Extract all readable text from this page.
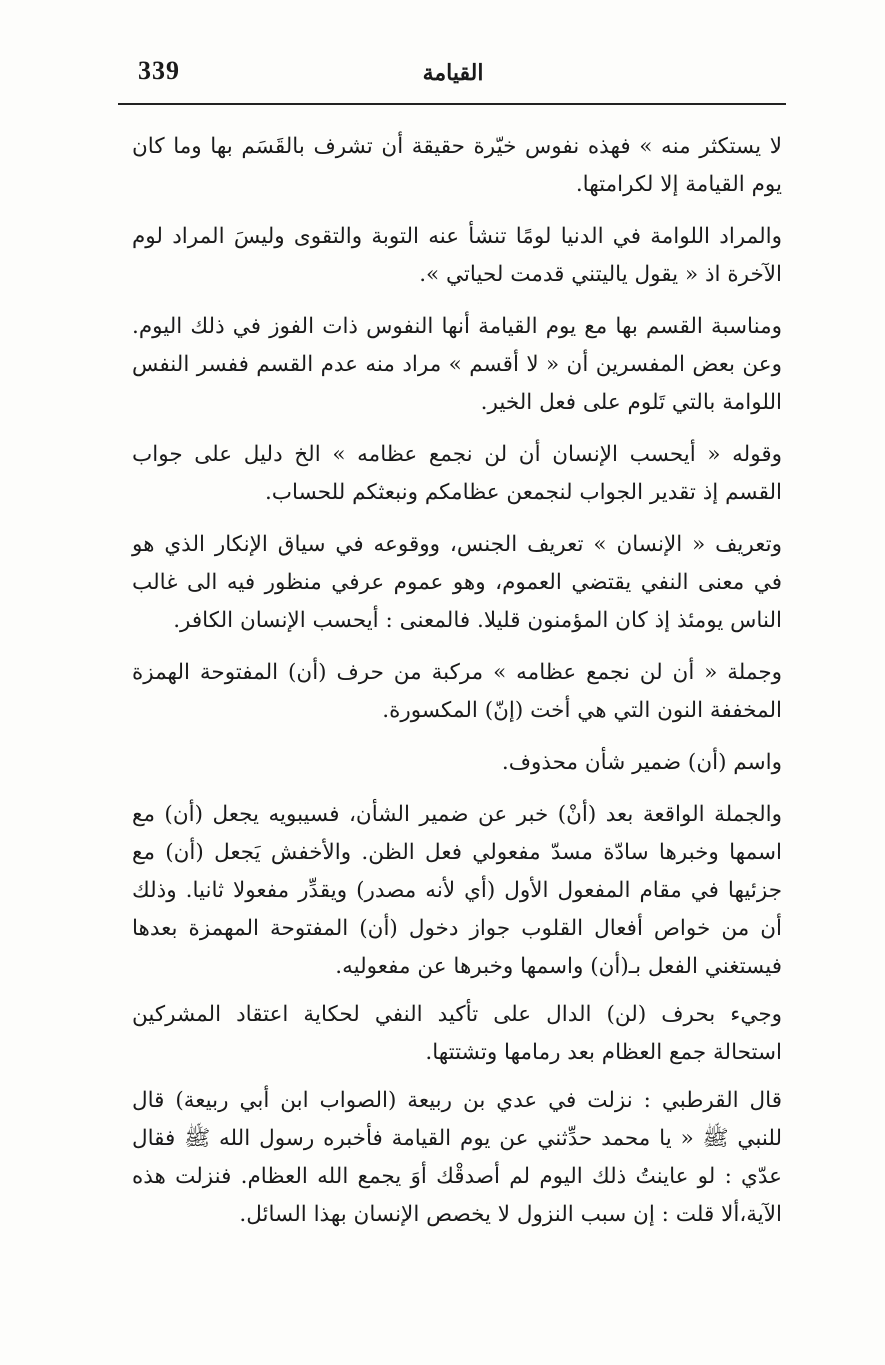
339	القيامة

لا يستكثر منه » فهذه نفوس خيّرة حقيقة أن تشرف بالقَسَم بها وما كان يوم القيامة إلا لكرامتها.

والمراد اللوامة في الدنيا لومًا تنشأ عنه التوبة والتقوى وليسَ المراد لوم الآخرة اذ « يقول ياليتني قدمت لحياتي ».

ومناسبة القسم بها مع يوم القيامة أنها النفوس ذات الفوز في ذلك اليوم. وعن بعض المفسرين أن « لا أقسم » مراد منه عدم القسم ففسر النفس اللوامة بالتي تَلوم على فعل الخير.

وقوله « أيحسب الإنسان أن لن نجمع عظامه » الخ دليل على جواب القسم إذ تقدير الجواب لنجمعن عظامكم ونبعثكم للحساب.

وتعريف « الإنسان » تعريف الجنس، ووقوعه في سياق الإنكار الذي هو في معنى النفي يقتضي العموم، وهو عموم عرفي منظور فيه الى غالب الناس يومئذ إذ كان المؤمنون قليلا. فالمعنى : أيحسب الإنسان الكافر.

وجملة « أن لن نجمع عظامه » مركبة من حرف (أن) المفتوحة الهمزة المخففة النون التي هي أخت (إنّ) المكسورة.

واسم (أن) ضمير شأن محذوف.

والجملة الواقعة بعد (أنْ) خبر عن ضمير الشأن، فسيبويه يجعل (أن) مع اسمها وخبرها سادّة مسدّ مفعولي فعل الظن. والأخفش يَجعل (أن) مع جزئيها في مقام المفعول الأول (أي لأنه مصدر) ويقدِّر مفعولا ثانيا. وذلك أن من خواص أفعال القلوب جواز دخول (أن) المفتوحة المهمزة بعدها فيستغني الفعل بـ(أن) واسمها وخبرها عن مفعوليه.

وجيء بحرف (لن) الدال على تأكيد النفي لحكاية اعتقاد المشركين استحالة جمع العظام بعد رمامها وتشتتها.

قال القرطبي : نزلت في عدي بن ربيعة (الصواب ابن أبي ربيعة) قال للنبي ﷺ « يا محمد حدِّثني عن يوم القيامة فأخبره رسول الله ﷺ فقال عدّي : لو عاينتُ ذلك اليوم لم أصدقْك أوَ يجمع الله العظام. فنزلت هذه الآية،ألا قلت : إن سبب النزول لا يخصص الإنسان بهذا السائل.
